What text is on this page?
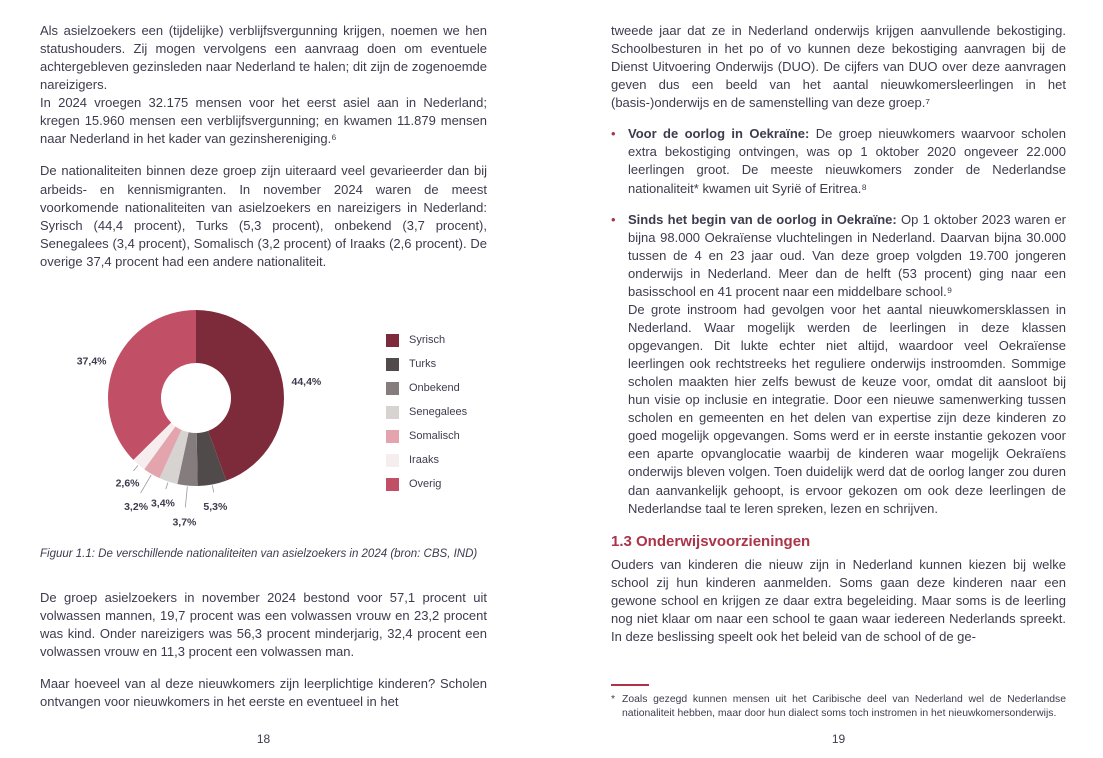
Als asielzoekers een (tijdelijke) verblijfsvergunning krijgen, noemen we hen statushouders. Zij mogen vervolgens een aanvraag doen om eventuele achtergebleven gezinsleden naar Nederland te halen; dit zijn de zogenoemde nareizigers.

In 2024 vroegen 32.175 mensen voor het eerst asiel aan in Nederland; kregen 15.960 mensen een verblijfsvergunning; en kwamen 11.879 mensen naar Nederland in het kader van gezinshereniging.⁶

De nationaliteiten binnen deze groep zijn uiteraard veel gevarieerder dan bij arbeids- en kennismigranten. In november 2024 waren de meest voorkomende nationaliteiten van asielzoekers en nareizigers in Nederland: Syrisch (44,4 procent), Turks (5,3 procent), onbekend (3,7 procent), Senegalees (3,4 procent), Somalisch (3,2 procent) of Iraaks (2,6 procent). De overige 37,4 procent had een andere nationaliteit.

44,4%
5,3%
3,7%
3,4%
3,2%
2,6%
37,4%
Syrisch
Turks
Onbekend
Senegalees
Somalisch
Iraaks
Overig

Figuur 1.1: De verschillende nationaliteiten van asielzoekers in 2024 (bron: CBS, IND)

De groep asielzoekers in november 2024 bestond voor 57,1 procent uit volwassen mannen, 19,7 procent was een volwassen vrouw en 23,2 procent was kind. Onder nareizigers was 56,3 procent minderjarig, 32,4 procent een volwassen vrouw en 11,3 procent een volwassen man.

Maar hoeveel van al deze nieuwkomers zijn leerplichtige kinderen? Scholen ontvangen voor nieuwkomers in het eerste en eventueel in het

18

tweede jaar dat ze in Nederland onderwijs krijgen aanvullende bekostiging. Schoolbesturen in het po of vo kunnen deze bekostiging aanvragen bij de Dienst Uitvoering Onderwijs (DUO). De cijfers van DUO over deze aanvragen geven dus een beeld van het aantal nieuwkomersleerlingen in het (basis-)onderwijs en de samenstelling van deze groep.⁷

• Voor de oorlog in Oekraïne: De groep nieuwkomers waarvoor scholen extra bekostiging ontvingen, was op 1 oktober 2020 ongeveer 22.000 leerlingen groot. De meeste nieuwkomers zonder de Nederlandse nationaliteit* kwamen uit Syrië of Eritrea.⁸

• Sinds het begin van de oorlog in Oekraïne: Op 1 oktober 2023 waren er bijna 98.000 Oekraïense vluchtelingen in Nederland. Daarvan bijna 30.000 tussen de 4 en 23 jaar oud. Van deze groep volgden 19.700 jongeren onderwijs in Nederland. Meer dan de helft (53 procent) ging naar een basisschool en 41 procent naar een middelbare school.⁹

De grote instroom had gevolgen voor het aantal nieuwkomersklassen in Nederland. Waar mogelijk werden de leerlingen in deze klassen opgevangen. Dit lukte echter niet altijd, waardoor veel Oekraïense leerlingen ook rechtstreeks het reguliere onderwijs instroomden. Sommige scholen maakten hier zelfs bewust de keuze voor, omdat dit aansloot bij hun visie op inclusie en integratie. Door een nieuwe samenwerking tussen scholen en gemeenten en het delen van expertise zijn deze kinderen zo goed mogelijk opgevangen. Soms werd er in eerste instantie gekozen voor een aparte opvanglocatie waarbij de kinderen waar mogelijk Oekraïens onderwijs bleven volgen. Toen duidelijk werd dat de oorlog langer zou duren dan aanvankelijk gehoopt, is ervoor gekozen om ook deze leerlingen de Nederlandse taal te leren spreken, lezen en schrijven.

1.3 Onderwijsvoorzieningen

Ouders van kinderen die nieuw zijn in Nederland kunnen kiezen bij welke school zij hun kinderen aanmelden. Soms gaan deze kinderen naar een gewone school en krijgen ze daar extra begeleiding. Maar soms is de leerling nog niet klaar om naar een school te gaan waar iedereen Nederlands spreekt. In deze beslissing speelt ook het beleid van de school of de ge-

* Zoals gezegd kunnen mensen uit het Caribische deel van Nederland wel de Nederlandse nationaliteit hebben, maar door hun dialect soms toch instromen in het nieuwkomersonderwijs.
19
